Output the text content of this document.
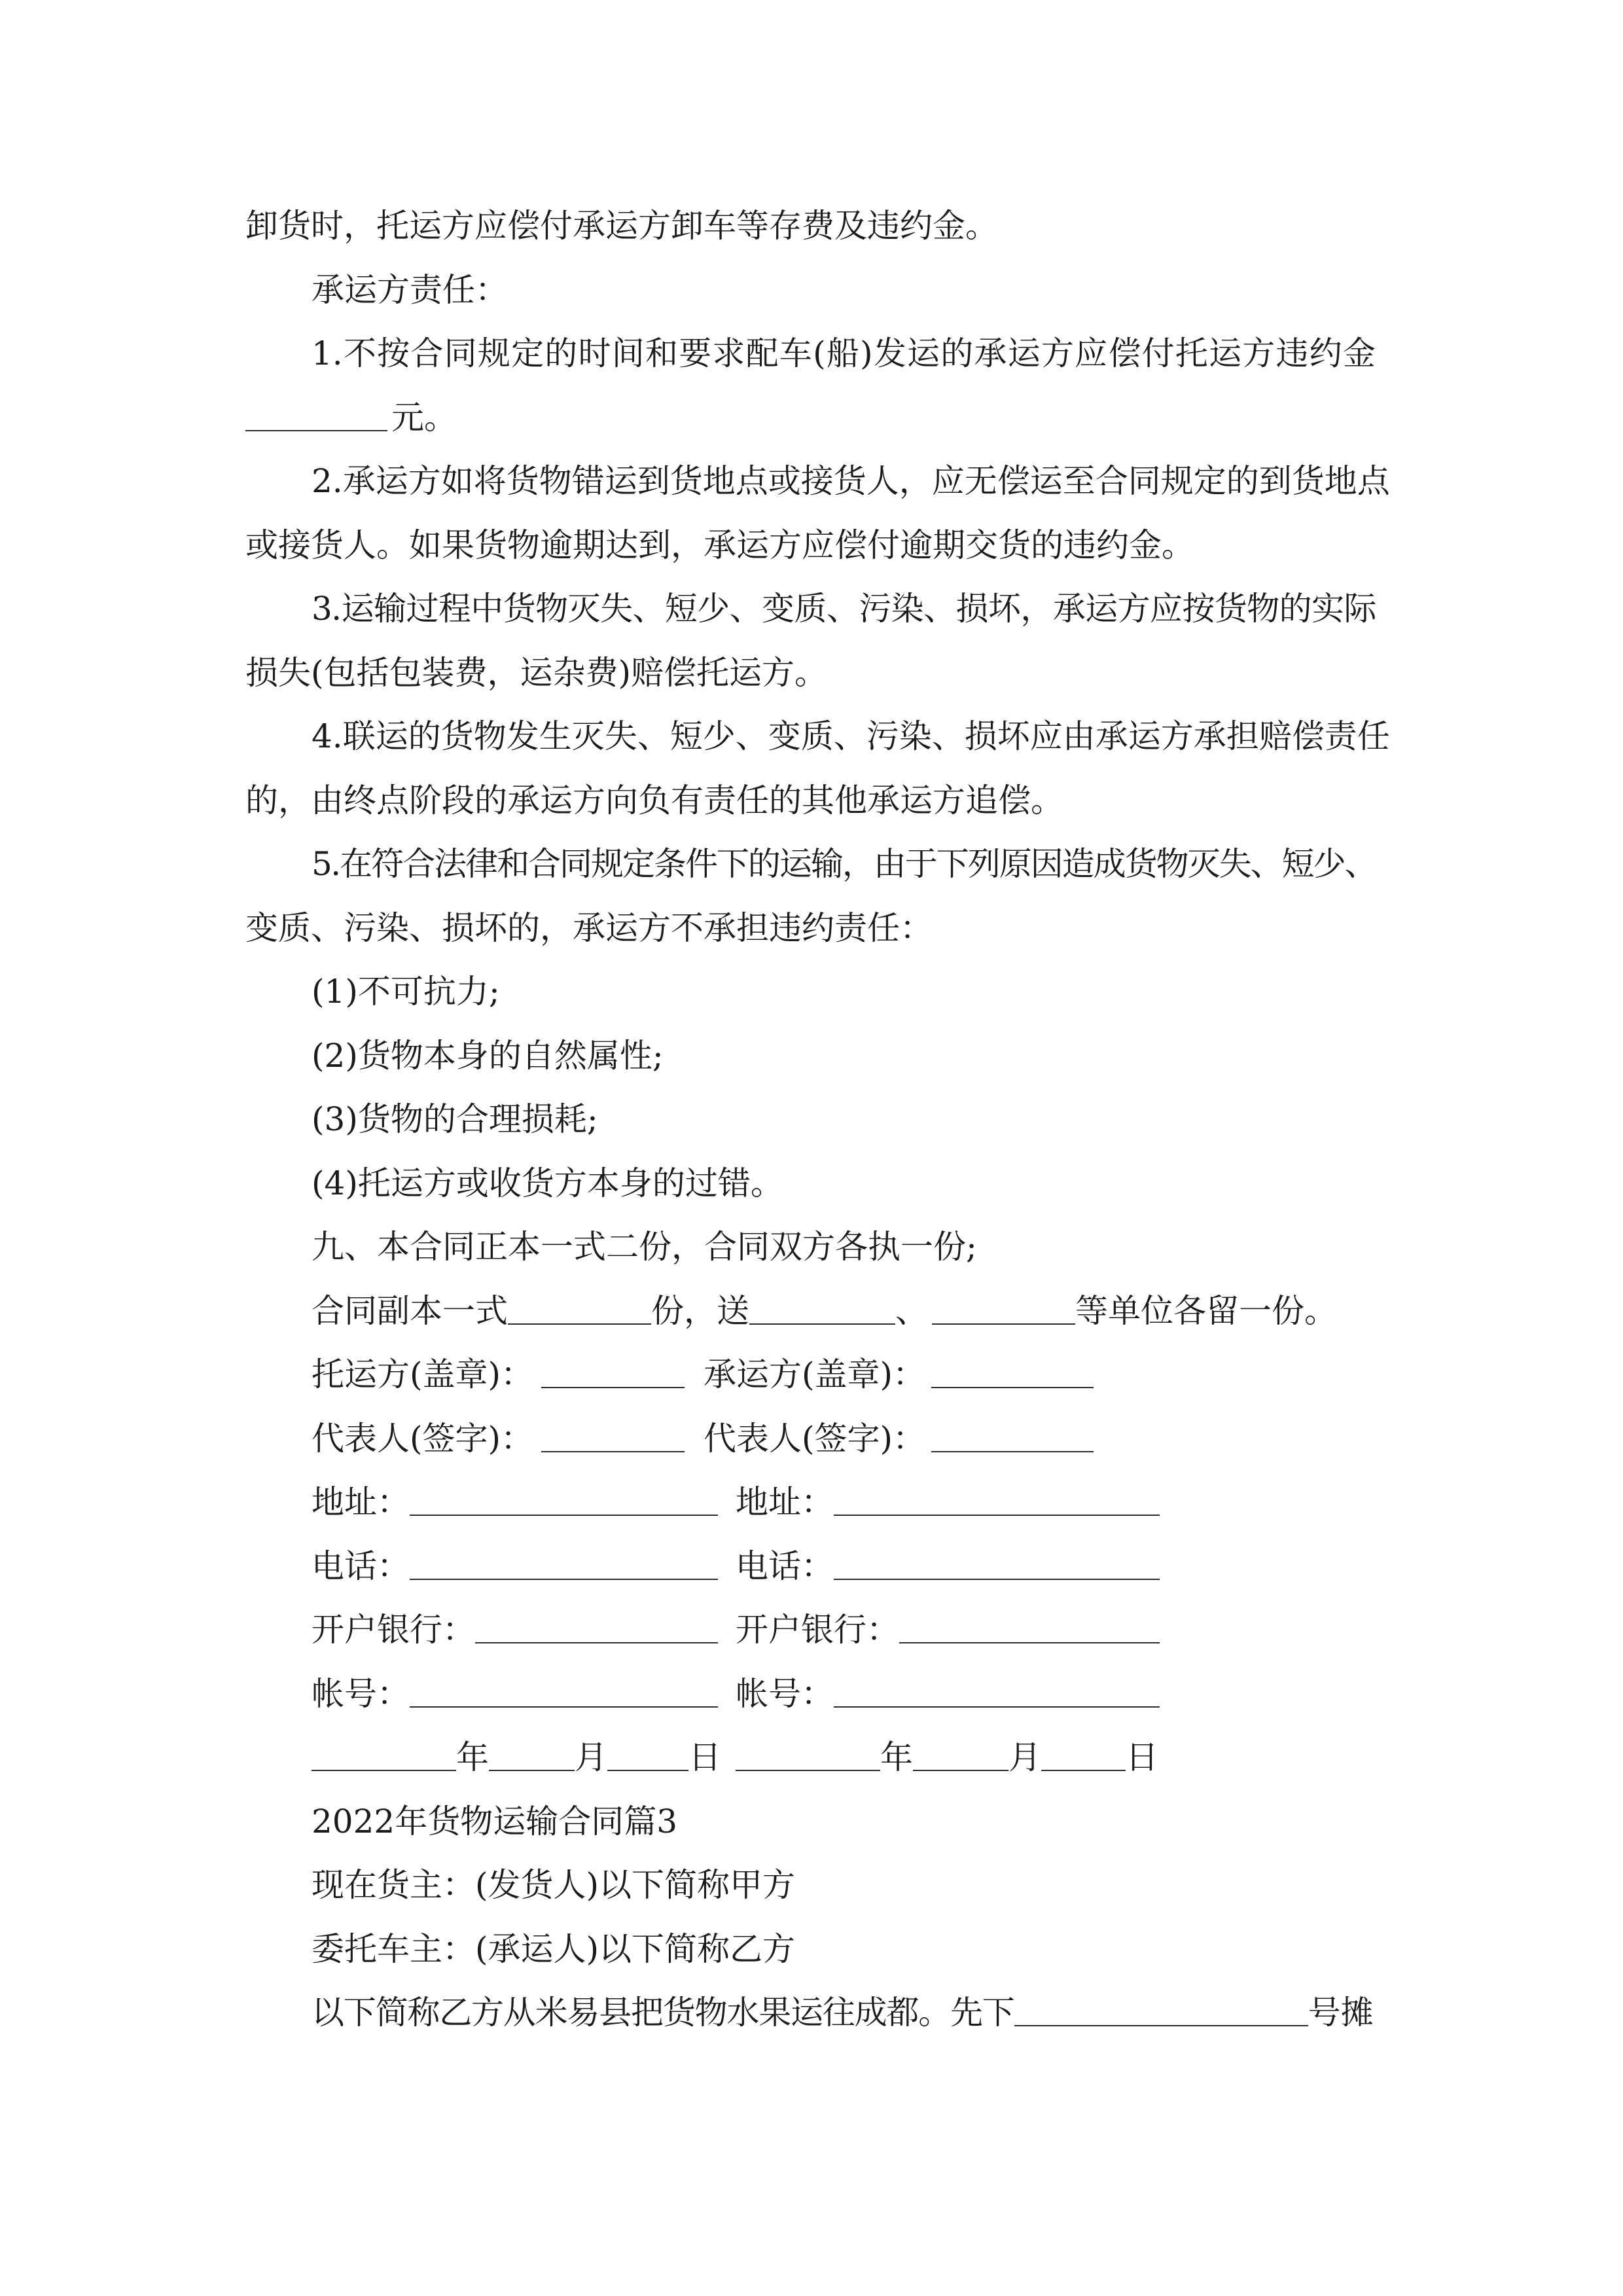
卸货时，托运方应偿付承运方卸车等存费及违约金。
承运方责任：
1.不按合同规定的时间和要求配车(船)发运的承运方应偿付托运方违约金
元。
2.承运方如将货物错运到货地点或接货人，应无偿运至合同规定的到货地点
或接货人。如果货物逾期达到，承运方应偿付逾期交货的违约金。
3.运输过程中货物灭失、短少、变质、污染、损坏，承运方应按货物的实际
损失(包括包装费，运杂费)赔偿托运方。
4.联运的货物发生灭失、短少、变质、污染、损坏应由承运方承担赔偿责任
的，由终点阶段的承运方向负有责任的其他承运方追偿。
5.在符合法律和合同规定条件下的运输，由于下列原因造成货物灭失、短少、
变质、污染、损坏的，承运方不承担违约责任：
(1)不可抗力;
(2)货物本身的自然属性;
(3)货物的合理损耗;
(4)托运方或收货方本身的过错。
九、本合同正本一式二份，合同双方各执一份;
合同副本一式	份，送	、	等单位各留一份。
托运方(盖章)：	承运方(盖章)：
代表人(签字)：	代表人(签字)：
地址：	地址：
电话：	电话：
开户银行：	开户银行：
帐号：	帐号：
年	月 日	年	月	日
2022年货物运输合同篇3
现在货主：(发货人)以下简称甲方
委托车主：(承运人)以下简称乙方
以下简称乙方从米易县把货物水果运往成都。先下	号摊
